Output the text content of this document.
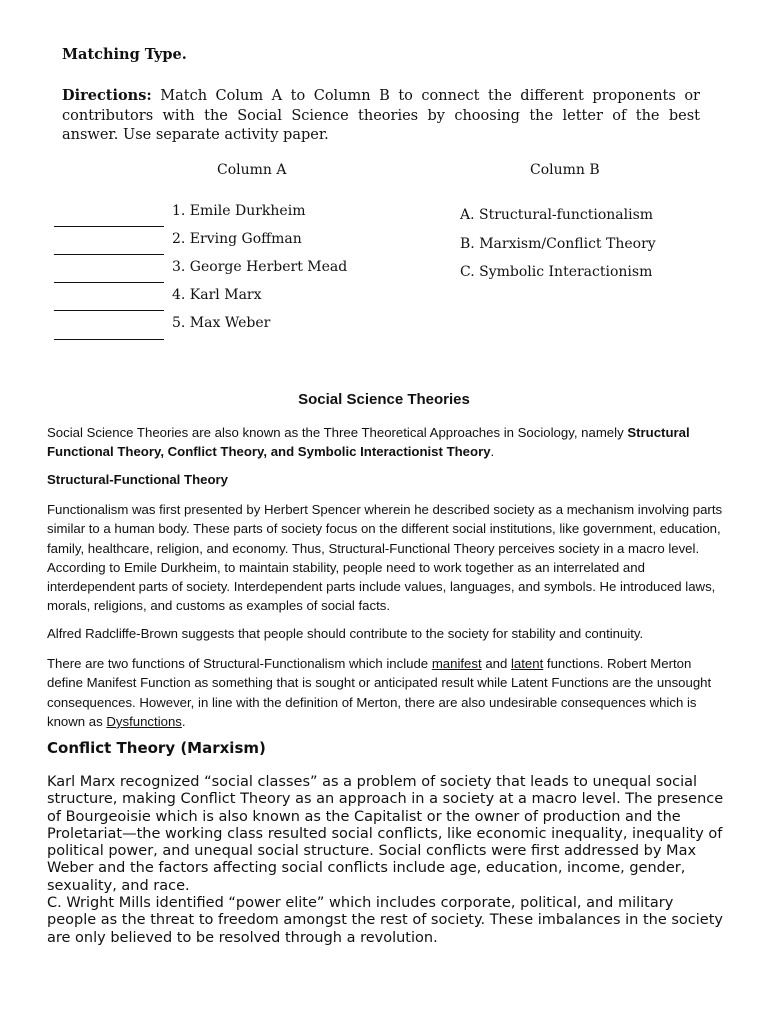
Matching Type.
Directions: Match Colum A to Column B to connect the different proponents or contributors with the Social Science theories by choosing the letter of the best answer. Use separate activity paper.
Column A	Column B
1. Emile Durkheim
2. Erving Goffman
3. George Herbert Mead
4. Karl Marx
5. Max Weber
A. Structural-functionalism
B. Marxism/Conflict Theory
C. Symbolic Interactionism
Social Science Theories

Social Science Theories are also known as the Three Theoretical Approaches in Sociology, namely Structural Functional Theory, Conflict Theory, and Symbolic Interactionist Theory.

Structural-Functional Theory

Functionalism was first presented by Herbert Spencer wherein he described society as a mechanism involving parts similar to a human body. These parts of society focus on the different social institutions, like government, education, family, healthcare, religion, and economy. Thus, Structural-Functional Theory perceives society in a macro level. According to Emile Durkheim, to maintain stability, people need to work together as an interrelated and interdependent parts of society. Interdependent parts include values, languages, and symbols. He introduced laws, morals, religions, and customs as examples of social facts.

Alfred Radcliffe-Brown suggests that people should contribute to the society for stability and continuity.

There are two functions of Structural-Functionalism which include manifest and latent functions. Robert Merton define Manifest Function as something that is sought or anticipated result while Latent Functions are the unsought consequences. However, in line with the definition of Merton, there are also undesirable consequences which is known as Dysfunctions.

Conflict Theory (Marxism)
Karl Marx recognized “social classes” as a problem of society that leads to unequal social structure, making Conflict Theory as an approach in a society at a macro level. The presence of Bourgeoisie which is also known as the Capitalist or the owner of production and the Proletariat—the working class resulted social conflicts, like economic inequality, inequality of political power, and unequal social structure. Social conflicts were first addressed by Max Weber and the factors affecting social conflicts include age, education, income, gender, sexuality, and race.
C. Wright Mills identified “power elite” which includes corporate, political, and military people as the threat to freedom amongst the rest of society. These imbalances in the society are only believed to be resolved through a revolution.
